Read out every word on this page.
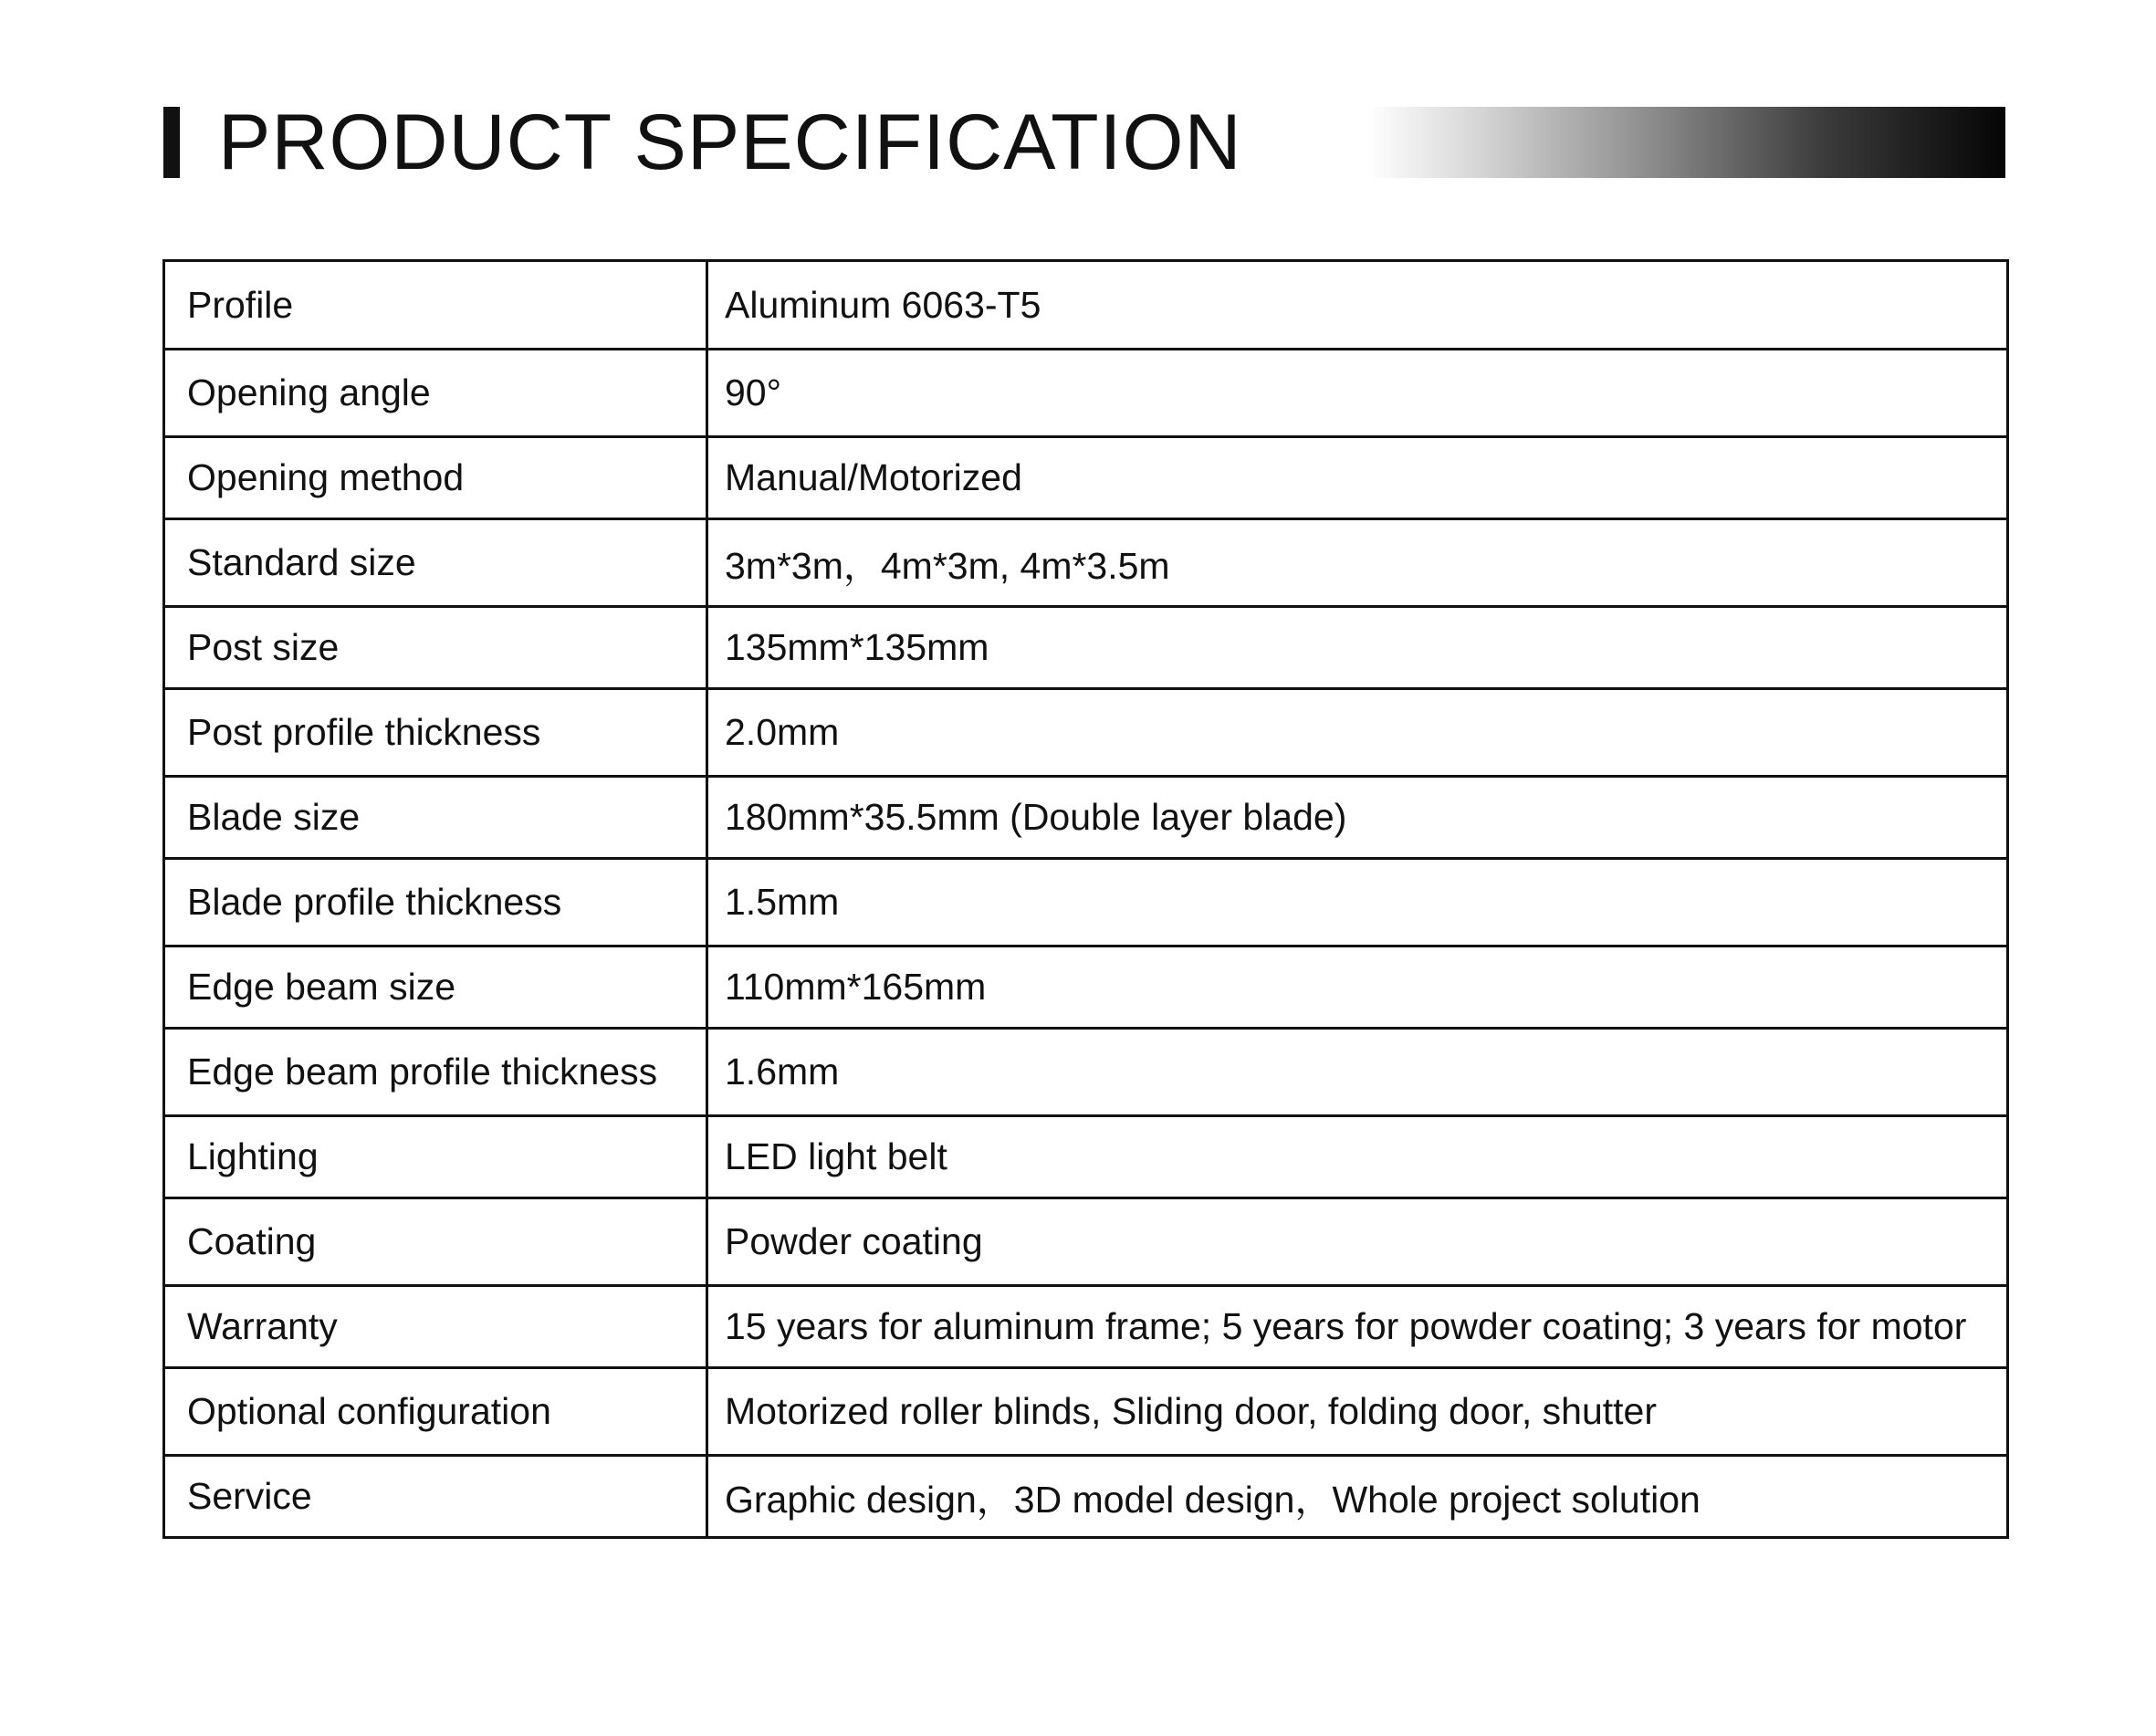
PRODUCT SPECIFICATION
Profile	Aluminum 6063-T5
Opening angle	90°
Opening method	Manual/Motorized
Standard size	3m*3m，4m*3m, 4m*3.5m
Post size	135mm*135mm
Post profile thickness	2.0mm
Blade size	180mm*35.5mm (Double layer blade)
Blade profile thickness	1.5mm
Edge beam size	110mm*165mm
Edge beam profile thickness	1.6mm
Lighting	LED light belt
Coating	Powder coating
Warranty	15 years for aluminum frame; 5 years for powder coating; 3 years for motor
Optional configuration	Motorized roller blinds, Sliding door, folding door, shutter
Service	Graphic design，3D model design，Whole project solution
